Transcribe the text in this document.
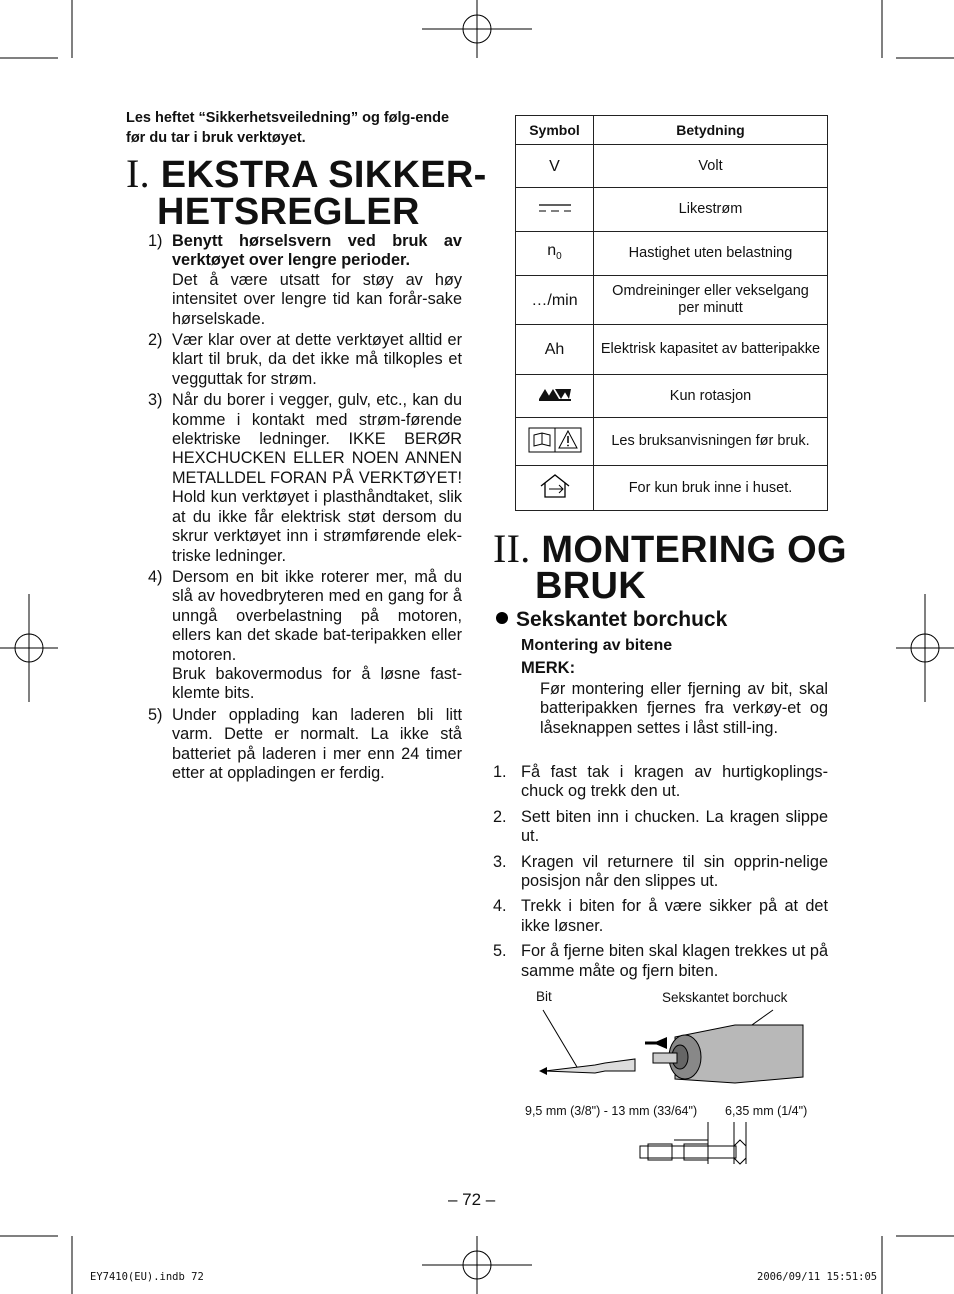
Les heftet “Sikkerhetsveiledning” og følg-ende før du tar i bruk verktøyet.
I. EKSTRA SIKKER-
HETSREGLER
1) Benytt hørselsvern ved bruk av verktøyet over lengre perioder.
Det å være utsatt for støy av høy intensitet over lengre tid kan forår-sake hørselskade.
2) Vær klar over at dette verktøyet alltid er klart til bruk, da det ikke må tilkoples et vegguttak for strøm.
3) Når du borer i vegger, gulv, etc., kan du komme i kontakt med strøm-førende elektriske ledninger. IKKE BERØR HEXCHUCKEN ELLER NOEN ANNEN METALLDEL FORAN PÅ VERKTØYET! Hold kun verktøyet i plasthåndtaket, slik at du ikke får elektrisk støt dersom du skrur verktøyet inn i strømførende elek-triske ledninger.
4) Dersom en bit ikke roterer mer, må du slå av hovedbryteren med en gang for å unngå overbelastning på motoren, ellers kan det skade bat-teripakken eller motoren.
Bruk bakovermodus for å løsne fast-klemte bits.
5) Under opplading kan laderen bli litt varm. Dette er normalt. La ikke stå batteriet på laderen i mer enn 24 timer etter at oppladingen er ferdig.
Symbol	Betydning
V	Volt
	Likestrøm
$n_0$	Hastighet uten belastning
…/min	Omdreininger eller vekselgang per minutt
Ah	Elektrisk kapasitet av batteripakke
	Kun rotasjon
	Les bruksanvisningen før bruk.
	For kun bruk inne i huset.
II. MONTERING OG
BRUK
Sekskantet borchuck
Montering av bitene
MERK:
Før montering eller fjerning av bit, skal batteripakken fjernes fra verkøy-et og låseknappen settes i låst still-ing.
1. Få fast tak i kragen av hurtigkoplings-chuck og trekk den ut.
2. Sett biten inn i chucken. La kragen slippe ut.
3. Kragen vil returnere til sin opprin-nelige posisjon når den slippes ut.
4. Trekk i biten for å være sikker på at det ikke løsner.
5. For å fjerne biten skal klagen trekkes ut på samme måte og fjern biten.
Bit	Sekskantet borchuck
9,5 mm (3/8") - 13 mm (33/64") 6,35 mm (1/4")
– 72 –
EY7410(EU).indb 72	2006/09/11 15:51:05
